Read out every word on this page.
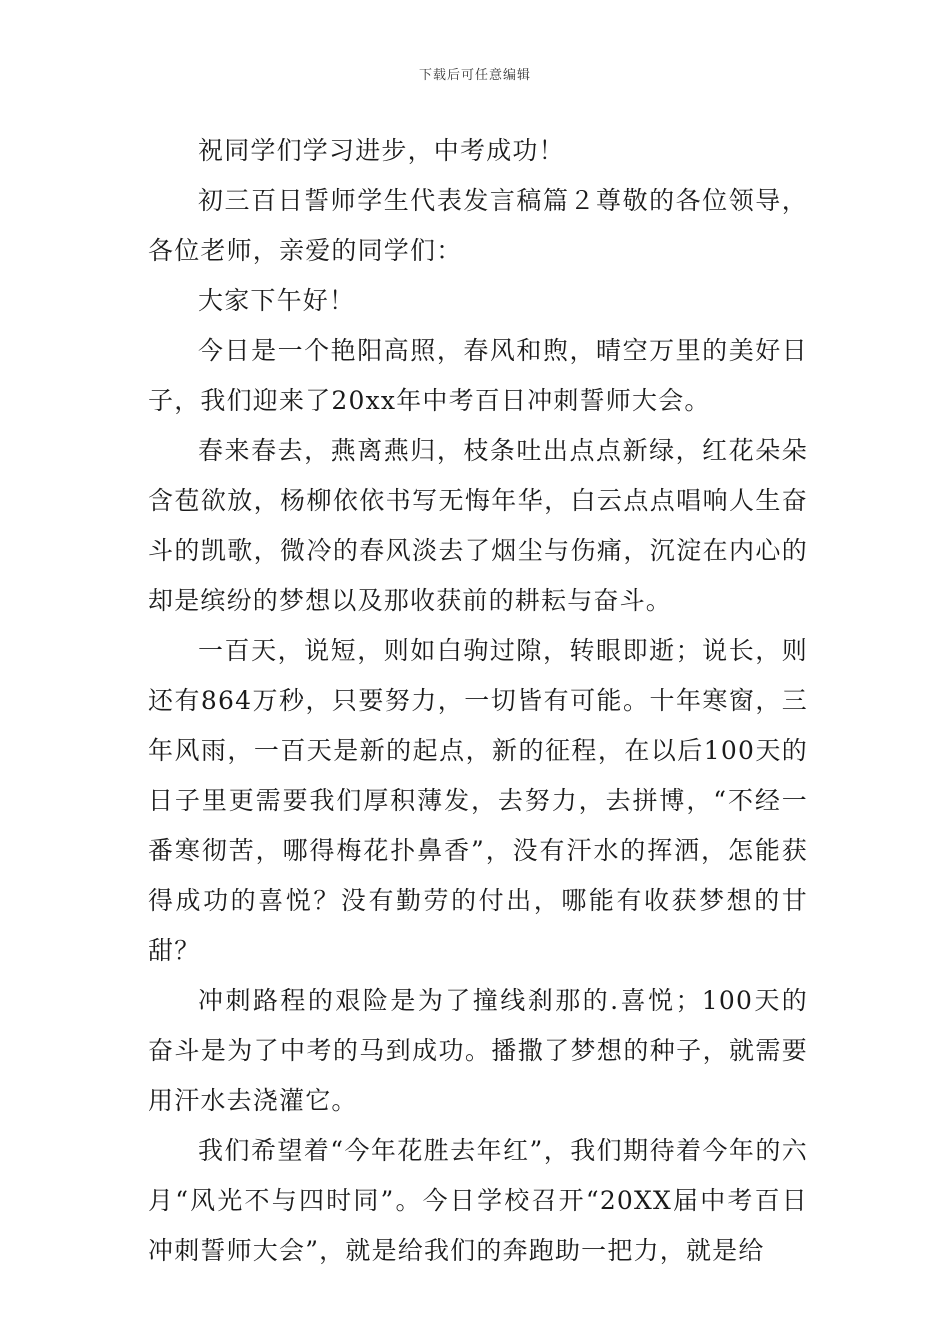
下载后可任意编辑

祝同学们学习进步，中考成功！

初三百日誓师学生代表发言稿篇２尊敬的各位领导，各位老师，亲爱的同学们：

大家下午好！

今日是一个艳阳高照，春风和煦，晴空万里的美好日子，我们迎来了20xx年中考百日冲刺誓师大会。

春来春去，燕离燕归，枝条吐出点点新绿，红花朵朵含苞欲放，杨柳依依书写无悔年华，白云点点唱响人生奋斗的凯歌，微冷的春风淡去了烟尘与伤痛，沉淀在内心的却是缤纷的梦想以及那收获前的耕耘与奋斗。

一百天，说短，则如白驹过隙，转眼即逝；说长，则还有864万秒，只要努力，一切皆有可能。十年寒窗，三年风雨，一百天是新的起点，新的征程，在以后100天的日子里更需要我们厚积薄发，去努力，去拼博，“不经一番寒彻苦，哪得梅花扑鼻香”，没有汗水的挥洒，怎能获得成功的喜悦？没有勤劳的付出，哪能有收获梦想的甘甜？

冲刺路程的艰险是为了撞线刹那的.喜悦；100天的奋斗是为了中考的马到成功。播撒了梦想的种子，就需要用汗水去浇灌它。

我们希望着“今年花胜去年红”，我们期待着今年的六月“风光不与四时同”。今日学校召开“20XX届中考百日冲刺誓师大会”，就是给我们的奔跑助一把力，就是给
